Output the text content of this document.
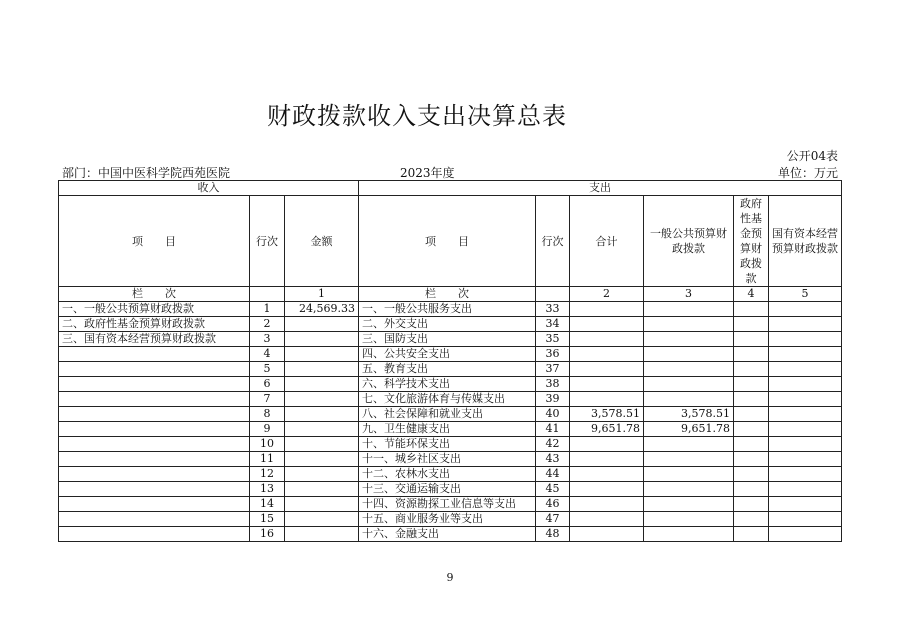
财政拨款收入支出决算总表
公开04表
部门：中国中医科学院西苑医院	2023年度	单位：万元
收入			支出					
项　　目	行次	金额	项　　目	行次	合计	一般公共预算财政拨款	政府性基金预算财政拨款	国有资本经营预算财政拨款
栏　　次		1	栏　　次		2	3	4	5
一、一般公共预算财政拨款	1	24,569.33	一、一般公共服务支出	33				
二、政府性基金预算财政拨款	2		二、外交支出	34				
三、国有资本经营预算财政拨款	3		三、国防支出	35				
	4		四、公共安全支出	36				
	5		五、教育支出	37				
	6		六、科学技术支出	38				
	7		七、文化旅游体育与传媒支出	39				
	8		八、社会保障和就业支出	40	3,578.51	3,578.51		
	9		九、卫生健康支出	41	9,651.78	9,651.78		
	10		十、节能环保支出	42				
	11		十一、城乡社区支出	43				
	12		十二、农林水支出	44				
	13		十三、交通运输支出	45				
	14		十四、资源勘探工业信息等支出	46				
	15		十五、商业服务业等支出	47				
	16		十六、金融支出	48				
9
